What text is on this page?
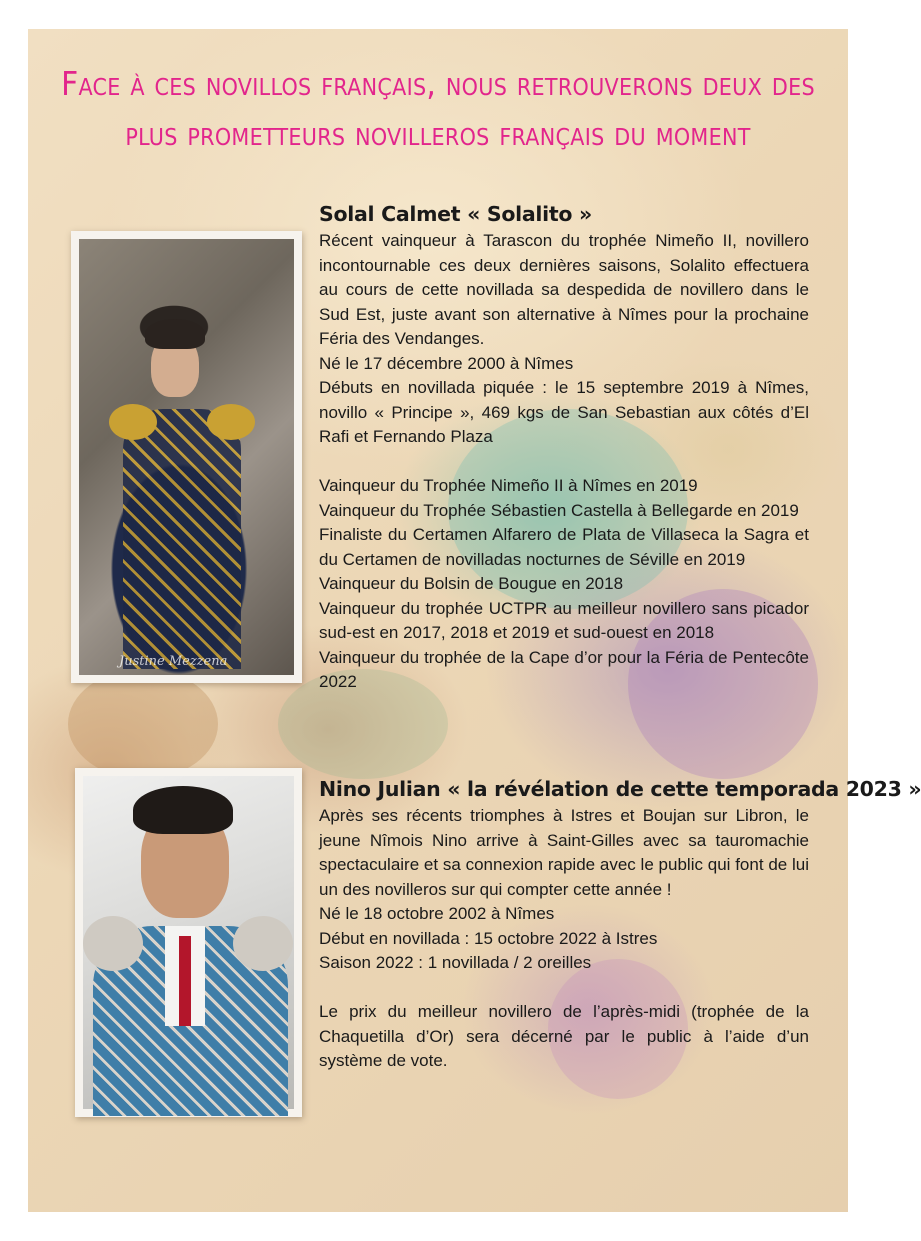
Face à ces novillos français, nous retrouverons deux des
plus prometteurs novilleros français du moment
Justine Mezzena
Solal Calmet « Solalito »

Récent vainqueur à Tarascon du trophée Nimeño II, novillero incontournable ces deux dernières saisons, Solalito effectuera au cours de cette novillada sa despedida de novillero dans le Sud Est, juste avant son alternative à Nîmes pour la prochaine Féria des Vendanges.

Né le 17 décembre 2000 à Nîmes

Débuts en novillada piquée : le 15 septembre 2019 à Nîmes, novillo « Principe », 469 kgs de San Sebastian aux côtés d’El Rafi et Fernando Plaza

Vainqueur du Trophée Nimeño II à Nîmes en 2019

Vainqueur du Trophée Sébastien Castella à Bellegarde en 2019

Finaliste du Certamen Alfarero de Plata de Villaseca la Sagra et du Certamen de novilladas nocturnes de Séville en 2019

Vainqueur du Bolsin de Bougue en 2018

Vainqueur du trophée UCTPR au meilleur novillero sans picador sud-est en 2017, 2018 et 2019 et sud-ouest en 2018

Vainqueur du trophée de la Cape d’or pour la Féria de Pentecôte 2022

Nino Julian « la révélation de cette temporada 2023 »

Après ses récents triomphes à Istres et Boujan sur Libron, le jeune Nîmois Nino arrive à Saint-Gilles avec sa tauromachie spectaculaire et sa connexion rapide avec le public qui font de lui un des novilleros sur qui compter cette année !

Né le 18 octobre 2002 à Nîmes

Début en novillada : 15 octobre 2022 à Istres

Saison 2022 : 1 novillada / 2 oreilles

Le prix du meilleur novillero de l’après-midi (trophée de la Chaquetilla d’Or) sera décerné par le public à l’aide d’un système de vote.
